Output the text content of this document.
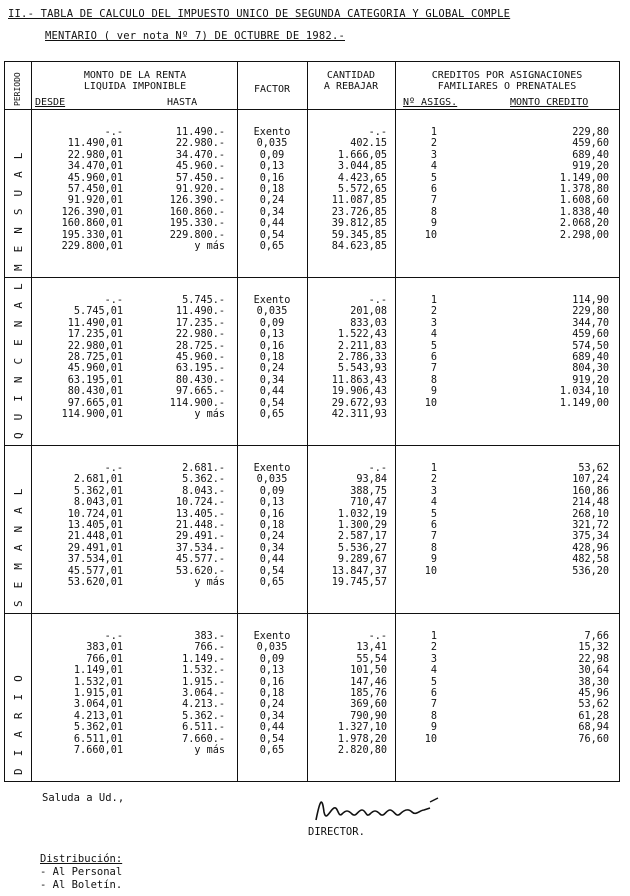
II.- TABLA DE CALCULO DEL IMPUESTO UNICO DE SEGUNDA CATEGORIA Y GLOBAL COMPLE
MENTARIO ( ver nota Nº 7) DE OCTUBRE DE 1982.-
PERIODO	MONTO DE LA RENTA
LIQUIDA IMPONIBLE
DESDE	HASTA
FACTOR
CANTIDAD
A REBAJAR
CREDITOS POR ASIGNACIONES
FAMILIARES O PRENATALES
Nº ASIGS.	MONTO CREDITO
MENSUAL
-.-	11.490.-	Exento	-.-	1	229,80
11.490,01	22.980.-	0,035	402.15	2	459,60
22.980,01	34.470.-	0,09	1.666,05	3	689,40
34.470,01	45.960.-	0,13	3.044,85	4	919,20
45.960,01	57.450.-	0,16	4.423,65	5	1.149,00
57.450,01	91.920.-	0,18	5.572,65	6	1.378,80
91.920,01	126.390.-	0,24	11.087,85	7	1.608,60
126.390,01	160.860.-	0,34	23.726,85	8	1.838,40
160.860,01	195.330.-	0,44	39.812,85	9	2.068,20
195.330,01	229.800.-	0,54	59.345,85	10	2.298,00
229.800,01	y más	0,65	84.623,85
QUINCENAL	-.-	5.745.-	Exento	-.-	1	114,90
5.745,01	11.490.-	0,035	201,08	2	229,80
11.490,01	17.235.-	0,09	833,03	3	344,70
17.235,01	22.980.-	0,13	1.522,43	4	459,60
22.980,01	28.725.-	0,16	2.211,83	5	574,50
28.725,01	45.960.-	0,18	2.786,33	6	689,40
45.960,01	63.195.-	0,24	5.543,93	7	804,30
63.195,01	80.430.-	0,34	11.863,43	8	919,20
80.430,01	97.665.-	0,44	19.906,43	9	1.034,10
97.665,01	114.900.-	0,54	29.672,93	10	1.149,00
114.900,01	y más	0,65	42.311,93
SEMANAL
-.-	2.681.-	Exento	-.-	1	53,62
2.681,01	5.362.-	0,035	93,84	2	107,24
5.362,01	8.043.-	0,09	388,75	3	160,86
8.043,01	10.724.-	0,13	710,47	4	214,48
10.724,01	13.405.-	0,16	1.032,19	5	268,10
13.405,01	21.448.-	0,18	1.300,29	6	321,72
21.448,01	29.491.-	0,24	2.587,17	7	375,34
29.491,01	37.534.-	0,34	5.536,27	8	428,96
37.534,01	45.577.-	0,44	9.289,67	9	482,58
45.577,01	53.620.-	0,54	13.847,37	10	536,20
53.620,01	y más	0,65	19.745,57
DIARIO
-.-	383.-	Exento	-.-	1	7,66
383,01	766.-	0,035	13,41	2	15,32
766,01	1.149.-	0,09	55,54	3	22,98
1.149,01	1.532.-	0,13	101,50	4	30,64
1.532,01	1.915.-	0,16	147,46	5	38,30
1.915,01	3.064.-	0,18	185,76	6	45,96
3.064,01	4.213.-	0,24	369,60	7	53,62
4.213,01	5.362.-	0,34	790,90	8	61,28
5.362,01	6.511.-	0,44	1.327,10	9	68,94
6.511,01	7.660.-	0,54	1.978,20	10	76,60
7.660,01	y más	0,65	2.820,80
Saluda a Ud.,
DIRECTOR.
Distribución:
- Al Personal
- Al Boletín.
